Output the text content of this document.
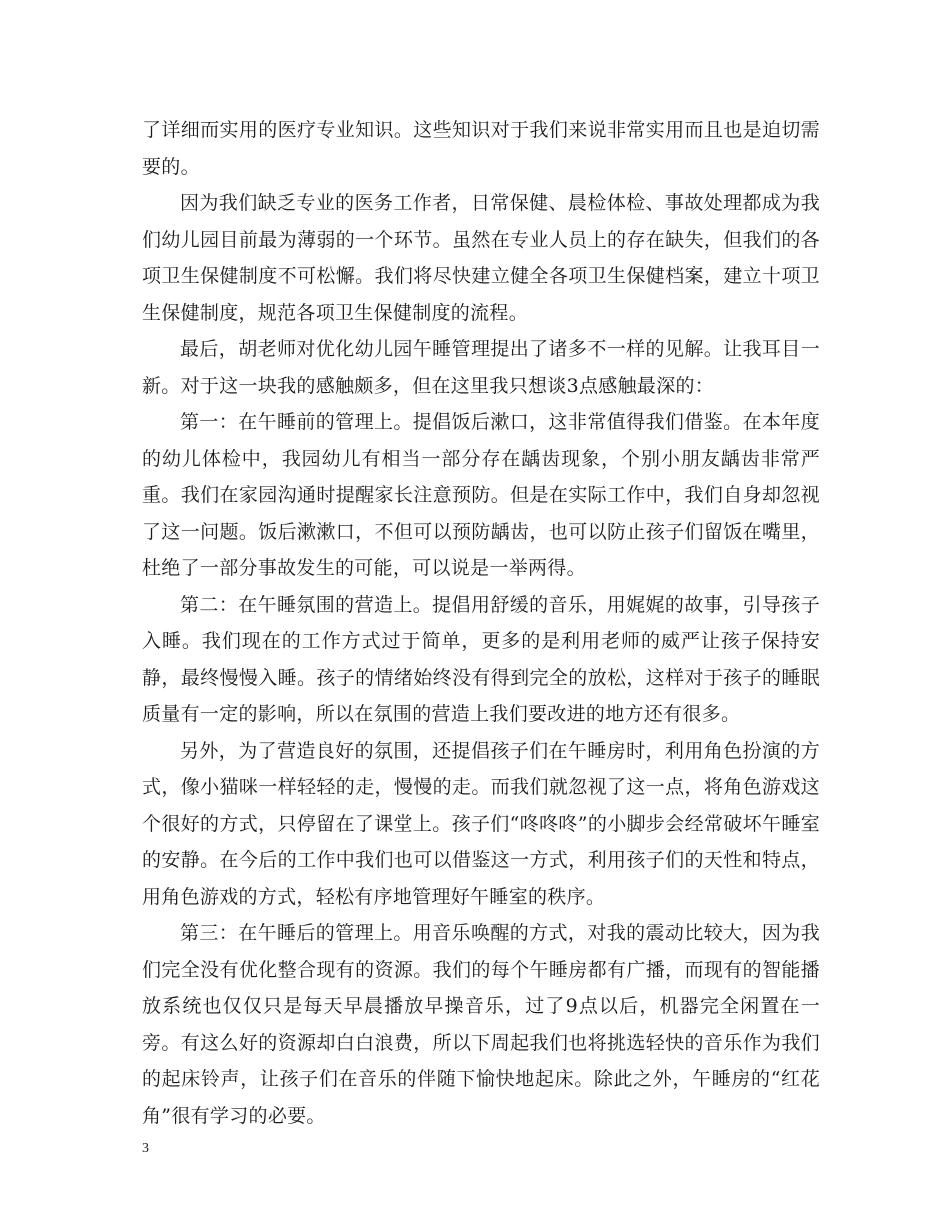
了详细而实用的医疗专业知识。这些知识对于我们来说非常实用而且也是迫切需要的。

因为我们缺乏专业的医务工作者，日常保健、晨检体检、事故处理都成为我们幼儿园目前最为薄弱的一个环节。虽然在专业人员上的存在缺失，但我们的各项卫生保健制度不可松懈。我们将尽快建立健全各项卫生保健档案，建立十项卫生保健制度，规范各项卫生保健制度的流程。

最后，胡老师对优化幼儿园午睡管理提出了诸多不一样的见解。让我耳目一新。对于这一块我的感触颇多，但在这里我只想谈3点感触最深的：

第一：在午睡前的管理上。提倡饭后漱口，这非常值得我们借鉴。在本年度的幼儿体检中，我园幼儿有相当一部分存在龋齿现象，个别小朋友龋齿非常严重。我们在家园沟通时提醒家长注意预防。但是在实际工作中，我们自身却忽视了这一问题。饭后漱漱口，不但可以预防龋齿，也可以防止孩子们留饭在嘴里，杜绝了一部分事故发生的可能，可以说是一举两得。

第二：在午睡氛围的营造上。提倡用舒缓的音乐，用娓娓的故事，引导孩子入睡。我们现在的工作方式过于简单，更多的是利用老师的威严让孩子保持安静，最终慢慢入睡。孩子的情绪始终没有得到完全的放松，这样对于孩子的睡眠质量有一定的影响，所以在氛围的营造上我们要改进的地方还有很多。

另外，为了营造良好的氛围，还提倡孩子们在午睡房时，利用角色扮演的方式，像小猫咪一样轻轻的走，慢慢的走。而我们就忽视了这一点，将角色游戏这个很好的方式，只停留在了课堂上。孩子们“咚咚咚”的小脚步会经常破坏午睡室的安静。在今后的工作中我们也可以借鉴这一方式，利用孩子们的天性和特点，用角色游戏的方式，轻松有序地管理好午睡室的秩序。

第三：在午睡后的管理上。用音乐唤醒的方式，对我的震动比较大，因为我们完全没有优化整合现有的资源。我们的每个午睡房都有广播，而现有的智能播放系统也仅仅只是每天早晨播放早操音乐，过了9点以后，机器完全闲置在一旁。有这么好的资源却白白浪费，所以下周起我们也将挑选轻快的音乐作为我们的起床铃声，让孩子们在音乐的伴随下愉快地起床。除此之外，午睡房的“红花角”很有学习的必要。

3
